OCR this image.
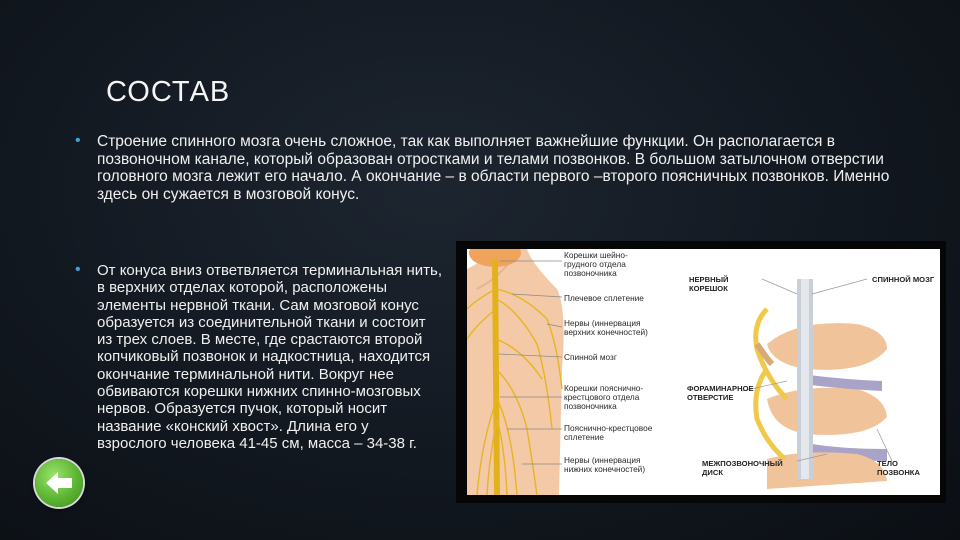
СОСТАВ
• Строение спинного мозга очень сложное, так как выполняет важнейшие функции. Он располагается в позвоночном канале, который образован отростками и телами позвонков. В большом затылочном отверстии головного мозга лежит его начало. А окончание – в области первого –второго поясничных позвонков. Именно здесь он сужается в мозговой конус.
• От конуса вниз ответвляется терминальная нить, в верхних отделах которой, расположены элементы нервной ткани. Сам мозговой конус образуется из соединительной ткани и состоит из трех слоев. В месте, где срастаются второй копчиковый позвонок и надкостница, находится окончание терминальной нити. Вокруг нее обвиваются корешки нижних спинно-мозговых нервов. Образуется пучок, который носит название «конский хвост». Длина его у взрослого человека 41-45 см, масса – 34-38 г.
Корешки шейно-грудного отдела позвоночника
Плечевое сплетение
Нервы (иннервация верхних конечностей)
Спинной мозг
Корешки пояснично-крестцового отдела позвоночника
Пояснично-крестцовое сплетение
Нервы (иннервация нижних конечностей)
НЕРВНЫЙ КОРЕШОК
СПИННОЙ МОЗГ
ФОРАМИНАРНОЕ ОТВЕРСТИЕ
МЕЖПОЗВОНОЧНЫЙ ДИСК
ТЕЛО ПОЗВОНКА
